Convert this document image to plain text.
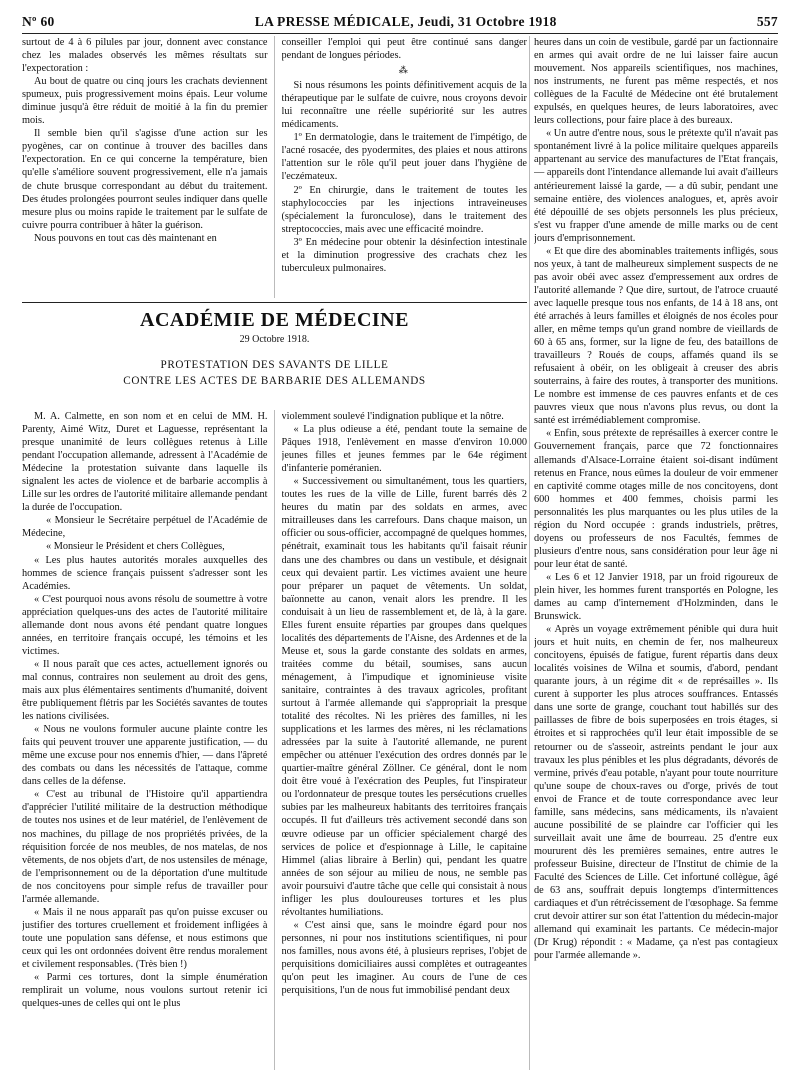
Nº 60	LA PRESSE MÉDICALE, Jeudi, 31 Octobre 1918	557

surtout de 4 à 6 pilules par jour, donnent avec constance chez les malades observés les mêmes résultats sur l'expectoration :

Au bout de quatre ou cinq jours les crachats deviennent spumeux, puis progressivement moins épais. Leur volume diminue jusqu'à être réduit de moitié à la fin du premier mois.

Il semble bien qu'il s'agisse d'une action sur les pyogènes, car on continue à trouver des bacilles dans l'expectoration. En ce qui concerne la température, bien qu'elle s'améliore souvent progressivement, elle n'a jamais de chute brusque correspondant au début du traitement. Des études prolongées pourront seules indiquer dans quelle mesure plus ou moins rapide le traitement par le sulfate de cuivre pourra contribuer à hâter la guérison.

Nous pouvons en tout cas dès maintenant en

conseiller l'emploi qui peut être continué sans danger pendant de longues périodes.

⁂

Si nous résumons les points définitivement acquis de la thérapeutique par le sulfate de cuivre, nous croyons devoir lui reconnaître une réelle supériorité sur les autres médicaments.

1º En dermatologie, dans le traitement de l'impétigo, de l'acné rosacée, des pyodermites, des plaies et nous attirons l'attention sur le rôle qu'il peut jouer dans l'hygiène de l'eczémateux.

2º En chirurgie, dans le traitement de toutes les staphylococcies par les injections intraveineuses (spécialement la furonculose), dans le traitement des streptococcies, mais avec une efficacité moindre.

3º En médecine pour obtenir la désinfection intestinale et la diminution progressive des crachats chez les tuberculeux pulmonaires.

ACADÉMIE DE MÉDECINE
29 Octobre 1918.
PROTESTATION DES SAVANTS DE LILLE
CONTRE LES ACTES DE BARBARIE DES ALLEMANDS

M. A. Calmette, en son nom et en celui de MM. H. Parenty, Aimé Witz, Duret et Laguesse, représentant la presque unanimité de leurs collègues retenus à Lille pendant l'occupation allemande, adressent à l'Académie de Médecine la protestation suivante dans laquelle ils signalent les actes de violence et de barbarie accomplis à Lille sur les ordres de l'autorité militaire allemande pendant la durée de l'occupation.

« Monsieur le Secrétaire perpétuel de l'Académie de Médecine,

« Monsieur le Président et chers Collègues,

« Les plus hautes autorités morales auxquelles des hommes de science français puissent s'adresser sont les Académies.

« C'est pourquoi nous avons résolu de soumettre à votre appréciation quelques-uns des actes de l'autorité militaire allemande dont nous avons été pendant quatre longues années, en territoire français occupé, les témoins et les victimes.

« Il nous paraît que ces actes, actuellement ignorés ou mal connus, contraires non seulement au droit des gens, mais aux plus élémentaires sentiments d'humanité, doivent être publiquement flétris par les Sociétés savantes de toutes les nations civilisées.

« Nous ne voulons formuler aucune plainte contre les faits qui peuvent trouver une apparente justification, — du même une excuse pour nos ennemis d'hier, — dans l'âpreté des combats ou dans les nécessités de l'attaque, comme dans celles de la défense.

« C'est au tribunal de l'Histoire qu'il appartiendra d'apprécier l'utilité militaire de la destruction méthodique de toutes nos usines et de leur matériel, de l'enlèvement de nos machines, du pillage de nos propriétés privées, de la réquisition forcée de nos meubles, de nos matelas, de nos vêtements, de nos objets d'art, de nos ustensiles de ménage, de l'emprisonnement ou de la déportation d'une multitude de nos concitoyens pour simple refus de travailler pour l'armée allemande.

« Mais il ne nous apparaît pas qu'on puisse excuser ou justifier des tortures cruellement et froidement infligées à toute une population sans défense, et nous estimons que ceux qui les ont ordonnées doivent être rendus moralement et civilement responsables. (Très bien !)

« Parmi ces tortures, dont la simple énumération remplirait un volume, nous voulons surtout retenir ici quelques-unes de celles qui ont le plus

violemment soulevé l'indignation publique et la nôtre.

« La plus odieuse a été, pendant toute la semaine de Pâques 1918, l'enlèvement en masse d'environ 10.000 jeunes filles et jeunes femmes par le 64e régiment d'infanterie poméranien.

« Successivement ou simultanément, tous les quartiers, toutes les rues de la ville de Lille, furent barrés dès 2 heures du matin par des soldats en armes, avec mitrailleuses dans les carrefours. Dans chaque maison, un officier ou sous-officier, accompagné de quelques hommes, pénétrait, examinait tous les habitants qu'il faisait réunir dans une des chambres ou dans un vestibule, et désignait ceux qui devaient partir. Les victimes avaient une heure pour préparer un paquet de vêtements. Un soldat, baïonnette au canon, venait alors les prendre. Il les conduisait à un lieu de rassemblement et, de là, à la gare. Elles furent ensuite réparties par groupes dans quelques localités des départements de l'Aisne, des Ardennes et de la Meuse et, sous la garde constante des soldats en armes, traitées comme du bétail, soumises, sans aucun ménagement, à l'impudique et ignominieuse visite sanitaire, contraintes à des travaux agricoles, profitant surtout à l'armée allemande qui s'appropriait la presque totalité des récoltes. Ni les prières des familles, ni les supplications et les larmes des mères, ni les réclamations adressées par la suite à l'autorité allemande, ne purent empêcher ou atténuer l'exécution des ordres donnés par le quartier-maître général Zöllner. Ce général, dont le nom doit être voué à l'exécration des Peuples, fut l'inspirateur ou l'ordonnateur de presque toutes les persécutions cruelles subies par les malheureux habitants des territoires français occupés. Il fut d'ailleurs très activement secondé dans son œuvre odieuse par un officier spécialement chargé des services de police et d'espionnage à Lille, le capitaine Himmel (alias libraire à Berlin) qui, pendant les quatre années de son séjour au milieu de nous, ne semble pas avoir poursuivi d'autre tâche que celle qui consistait à nous infliger les plus douloureuses tortures et les plus révoltantes humiliations.

« C'est ainsi que, sans le moindre égard pour nos personnes, ni pour nos institutions scientifiques, ni pour nos familles, nous avons été, à plusieurs reprises, l'objet de perquisitions domiciliaires aussi complètes et outrageantes qu'on peut les imaginer. Au cours de l'une de ces perquisitions, l'un de nous fut immobilisé pendant deux

heures dans un coin de vestibule, gardé par un factionnaire en armes qui avait ordre de ne lui laisser faire aucun mouvement. Nos appareils scientifiques, nos machines, nos instruments, ne furent pas même respectés, et nos collègues de la Faculté de Médecine ont été brutalement expulsés, en quelques heures, de leurs laboratoires, avec leurs collections, pour faire place à des bureaux.

« Un autre d'entre nous, sous le prétexte qu'il n'avait pas spontanément livré à la police militaire quelques appareils appartenant au service des manufactures de l'Etat français, — appareils dont l'intendance allemande lui avait d'ailleurs antérieurement laissé la garde, — a dû subir, pendant une semaine entière, des violences analogues, et, après avoir été dépouillé de ses objets personnels les plus précieux, s'est vu frapper d'une amende de mille marks ou de cent jours d'emprisonnement.

« Et que dire des abominables traitements infligés, sous nos yeux, à tant de malheureux simplement suspects de ne pas avoir obéi avec assez d'empressement aux ordres de l'autorité allemande ? Que dire, surtout, de l'atroce cruauté avec laquelle presque tous nos enfants, de 14 à 18 ans, ont été arrachés à leurs familles et éloignés de nos écoles pour aller, en même temps qu'un grand nombre de vieillards de 60 à 65 ans, former, sur la ligne de feu, des bataillons de travailleurs ? Roués de coups, affamés quand ils se refusaient à obéir, on les obligeait à creuser des abris souterrains, à faire des routes, à transporter des munitions. Le nombre est immense de ces pauvres enfants et de ces pauvres vieux que nous n'avons plus revus, ou dont la santé est irrémédiablement compromise.

« Enfin, sous prétexte de représailles à exercer contre le Gouvernement français, parce que 72 fonctionnaires allemands d'Alsace-Lorraine étaient soi-disant indûment retenus en France, nous eûmes la douleur de voir emmener en captivité comme otages mille de nos concitoyens, dont 600 hommes et 400 femmes, choisis parmi les personnalités les plus marquantes ou les plus utiles de la région du Nord occupée : grands industriels, prêtres, doyens ou professeurs de nos Facultés, femmes de plusieurs d'entre nous, sans considération pour leur âge ni pour leur état de santé.

« Les 6 et 12 Janvier 1918, par un froid rigoureux de plein hiver, les hommes furent transportés en Pologne, les dames au camp d'internement d'Holzminden, dans le Brunswick.

« Après un voyage extrêmement pénible qui dura huit jours et huit nuits, en chemin de fer, nos malheureux concitoyens, épuisés de fatigue, furent répartis dans deux localités voisines de Wilna et soumis, d'abord, pendant quarante jours, à un régime dit « de représailles ». Ils curent à supporter les plus atroces souffrances. Entassés dans une sorte de grange, couchant tout habillés sur des paillasses de fibre de bois superposées en trois étages, si étroites et si rapprochées qu'il leur était impossible de se retourner ou de s'asseoir, astreints pendant le jour aux travaux les plus pénibles et les plus dégradants, dévorés de vermine, privés d'eau potable, n'ayant pour toute nourriture qu'une soupe de choux-raves ou d'orge, privés de tout envoi de France et de toute correspondance avec leur famille, sans médecins, sans médicaments, ils n'avaient aucune possibilité de se plaindre car l'officier qui les surveillait avait une âme de bourreau. 25 d'entre eux moururent dès les premières semaines, entre autres le professeur Buisine, directeur de l'Institut de chimie de la Faculté des Sciences de Lille. Cet infortuné collègue, âgé de 63 ans, souffrait depuis longtemps d'intermittences cardiaques et d'un rétrécissement de l'œsophage. Sa femme crut devoir attirer sur son état l'attention du médecin-major allemand qui examinait les partants. Ce médecin-major (Dr Krug) répondit : « Madame, ça n'est pas contagieux pour l'armée allemande ».
